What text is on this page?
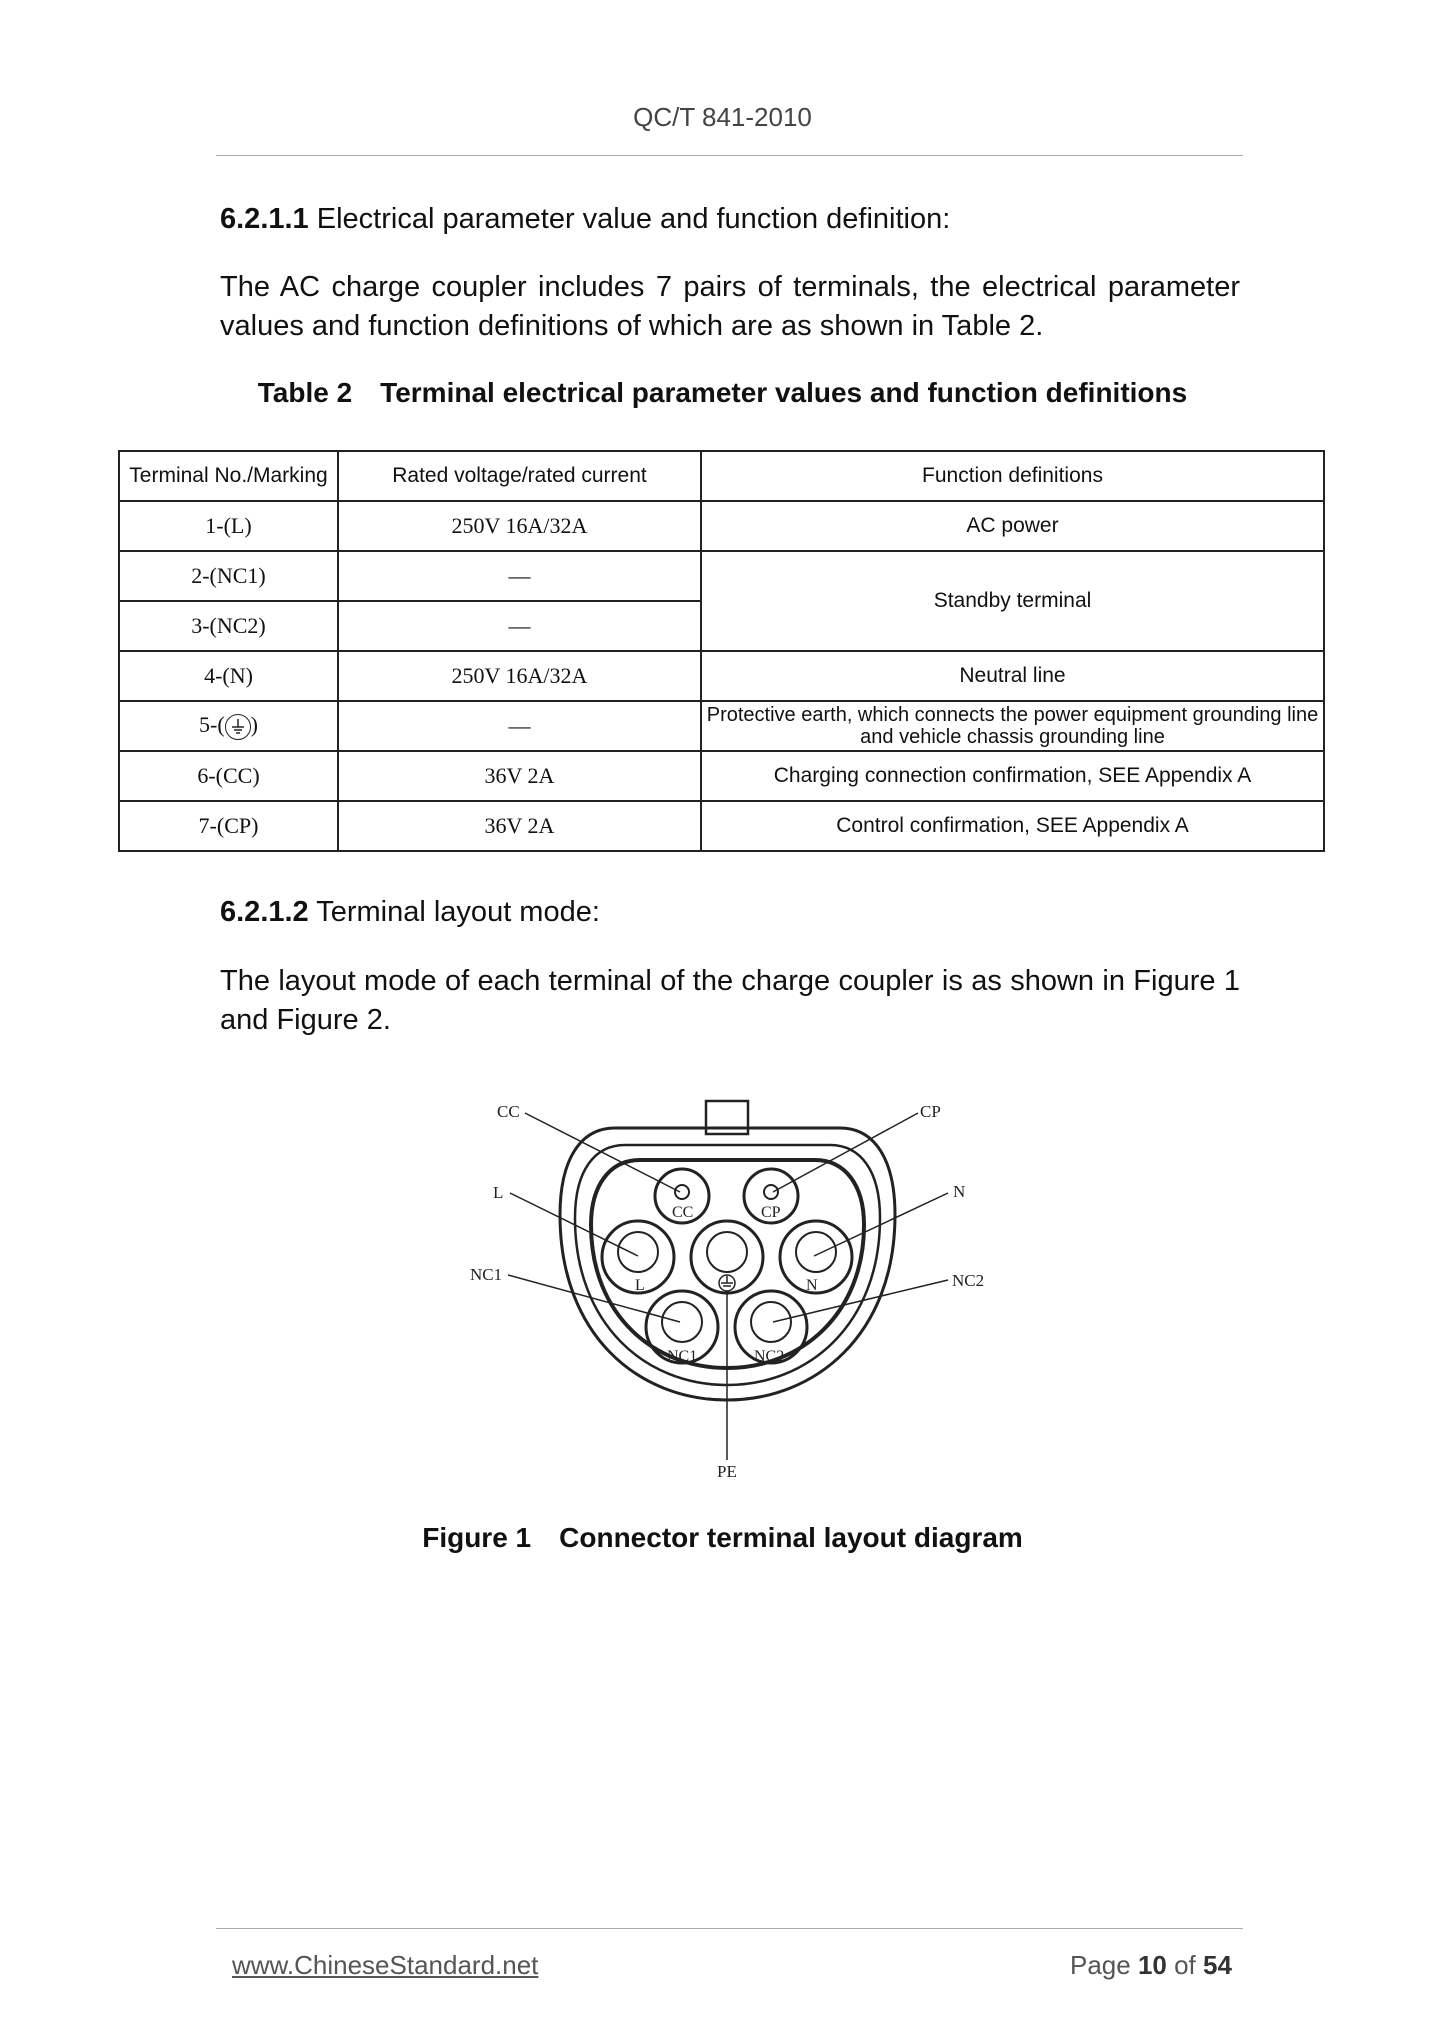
QC/T 841-2010
6.2.1.1 Electrical parameter value and function definition:
The AC charge coupler includes 7 pairs of terminals, the electrical parameter values and function definitions of which are as shown in Table 2.
Table 2 Terminal electrical parameter values and function definitions
Terminal No./Marking	Rated voltage/rated current	Function definitions
1-(L)	250V 16A/32A	AC power
2-(NC1)	—	Standby terminal
3-(NC2)	—	
4-(N)	250V 16A/32A	Neutral line
5-( )	—	Protective earth, which connects the power equipment grounding line and vehicle chassis grounding line
6-(CC)	36V 2A	Charging connection confirmation, SEE Appendix A
7-(CP)	36V 2A	Control confirmation, SEE Appendix A
6.2.1.2 Terminal layout mode:
The layout mode of each terminal of the charge coupler is as shown in Figure 1 and Figure 2.
CC	CP
L	N
NC1	NC2
PE
CC	CP
L	N
NC1	NC2
Figure 1 Connector terminal layout diagram
www.ChineseStandard.net	Page 10 of 54
